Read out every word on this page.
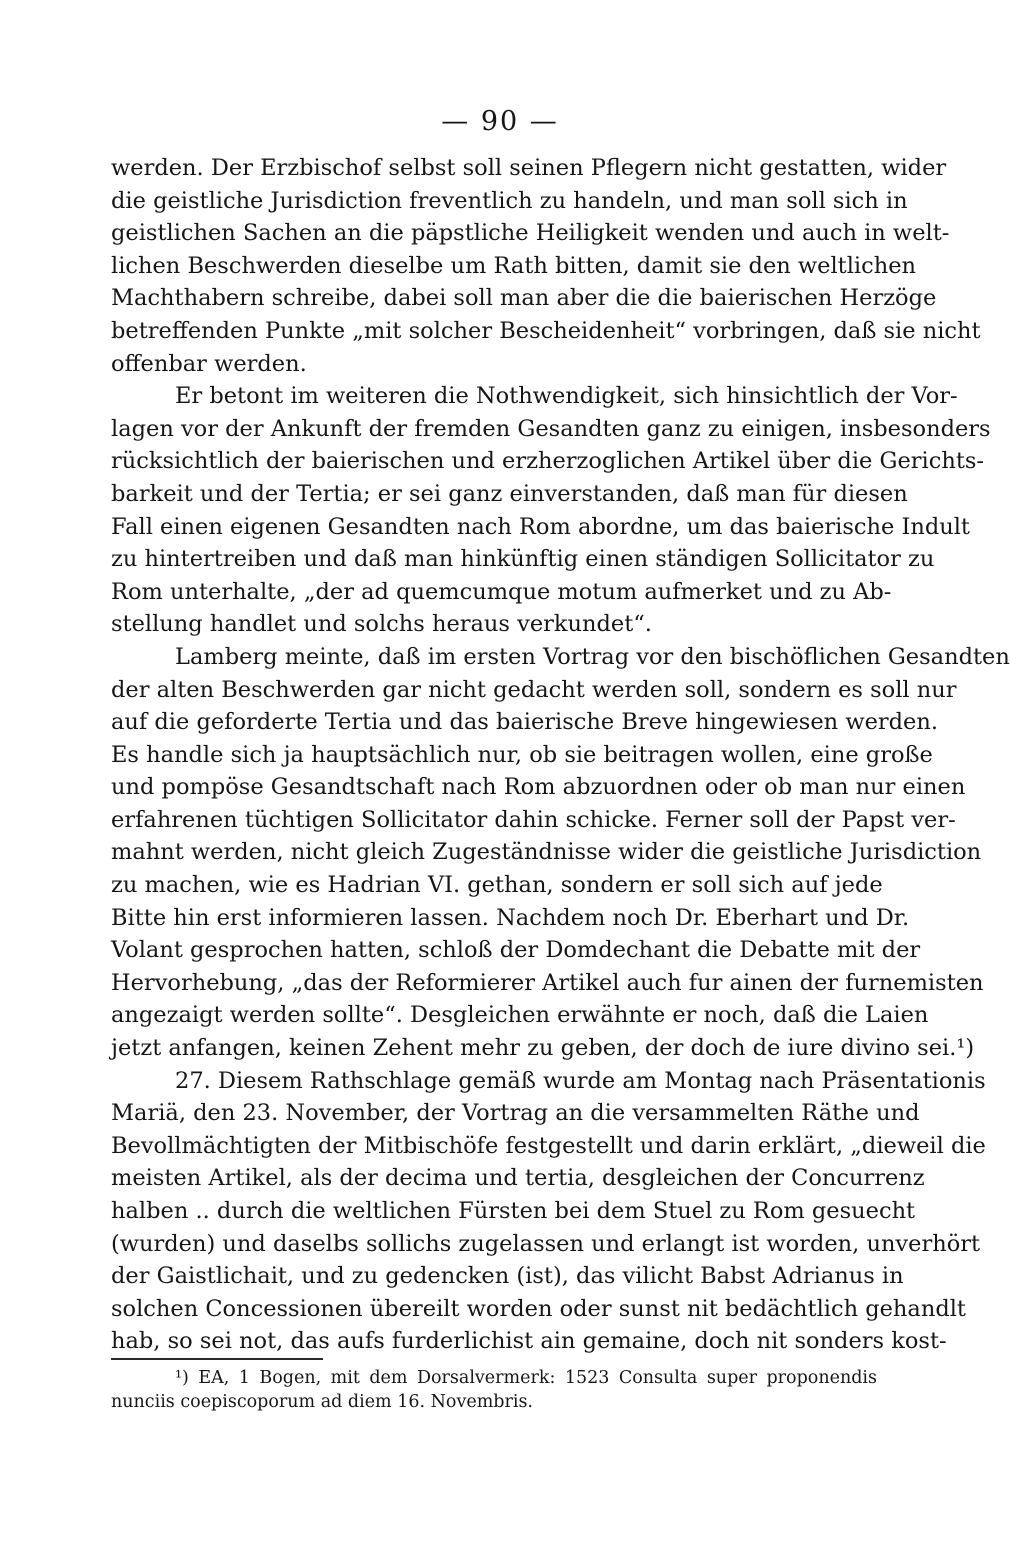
— 90 —

werden. Der Erzbischof selbst soll seinen Pflegern nicht gestatten, wider
die geistliche Jurisdiction freventlich zu handeln, und man soll sich in
geistlichen Sachen an die päpstliche Heiligkeit wenden und auch in welt-
lichen Beschwerden dieselbe um Rath bitten, damit sie den weltlichen
Machthabern schreibe, dabei soll man aber die die baierischen Herzöge
betreffenden Punkte „mit solcher Bescheidenheit“ vorbringen, daß sie nicht
offenbar werden.
Er betont im weiteren die Nothwendigkeit, sich hinsichtlich der Vor-
lagen vor der Ankunft der fremden Gesandten ganz zu einigen, insbesonders
rücksichtlich der baierischen und erzherzoglichen Artikel über die Gerichts-
barkeit und der Tertia; er sei ganz einverstanden, daß man für diesen
Fall einen eigenen Gesandten nach Rom abordne, um das baierische Indult
zu hintertreiben und daß man hinkünftig einen ständigen Sollicitator zu
Rom unterhalte, „der ad quemcumque motum aufmerket und zu Ab-
stellung handlet und solchs heraus verkundet“.
Lamberg meinte, daß im ersten Vortrag vor den bischöflichen Gesandten
der alten Beschwerden gar nicht gedacht werden soll, sondern es soll nur
auf die geforderte Tertia und das baierische Breve hingewiesen werden.
Es handle sich ja hauptsächlich nur, ob sie beitragen wollen, eine große
und pompöse Gesandtschaft nach Rom abzuordnen oder ob man nur einen
erfahrenen tüchtigen Sollicitator dahin schicke. Ferner soll der Papst ver-
mahnt werden, nicht gleich Zugeständnisse wider die geistliche Jurisdiction
zu machen, wie es Hadrian VI. gethan, sondern er soll sich auf jede
Bitte hin erst informieren lassen. Nachdem noch Dr. Eberhart und Dr.
Volant gesprochen hatten, schloß der Domdechant die Debatte mit der
Hervorhebung, „das der Reformierer Artikel auch fur ainen der furnemisten
angezaigt werden sollte“. Desgleichen erwähnte er noch, daß die Laien
jetzt anfangen, keinen Zehent mehr zu geben, der doch de iure divino sei.¹)
27. Diesem Rathschlage gemäß wurde am Montag nach Präsentationis
Mariä, den 23. November, der Vortrag an die versammelten Räthe und
Bevollmächtigten der Mitbischöfe festgestellt und darin erklärt, „dieweil die
meisten Artikel, als der decima und tertia, desgleichen der Concurrenz
halben .. durch die weltlichen Fürsten bei dem Stuel zu Rom gesuecht
(wurden) und daselbs sollichs zugelassen und erlangt ist worden, unverhört
der Gaistlichait, und zu gedencken (ist), das vilicht Babst Adrianus in
solchen Concessionen übereilt worden oder sunst nit bedächtlich gehandlt
hab, so sei not, das aufs furderlichist ain gemaine, doch nit sonders kost-
¹) EA, 1 Bogen, mit dem Dorsalvermerk: 1523 Consulta super proponendis
nunciis coepiscoporum ad diem 16. Novembris.
